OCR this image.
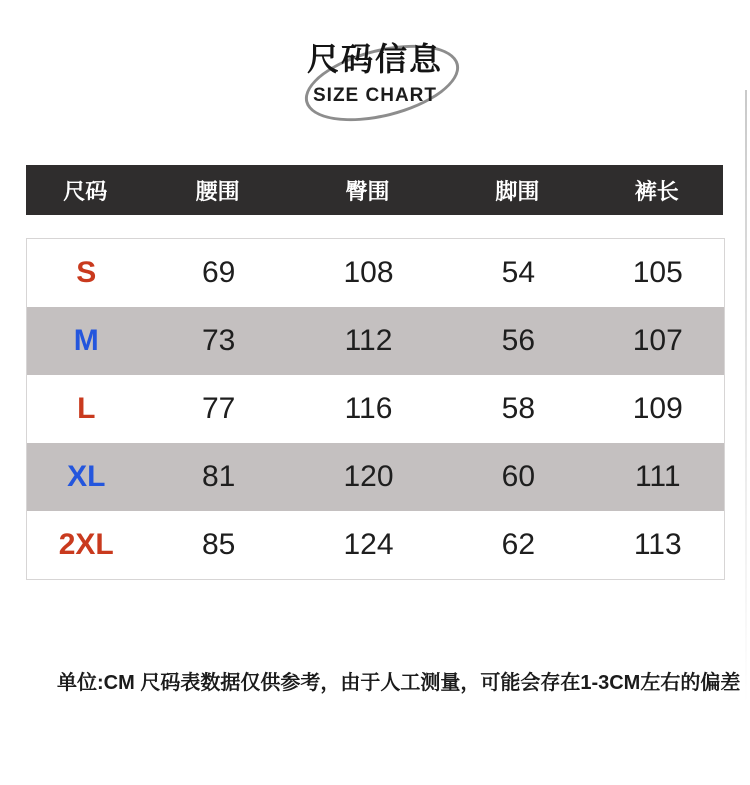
尺码信息
SIZE CHART
尺码	腰围	臀围	脚围	裤长
S	69	108	54	105
M	73	112	56	107
L	77	116	58	109
XL	81	120	60	111
2XL	85	124	62	113
单位:CM 尺码表数据仅供参考，由于人工测量，可能会存在1-3CM左右的偏差
